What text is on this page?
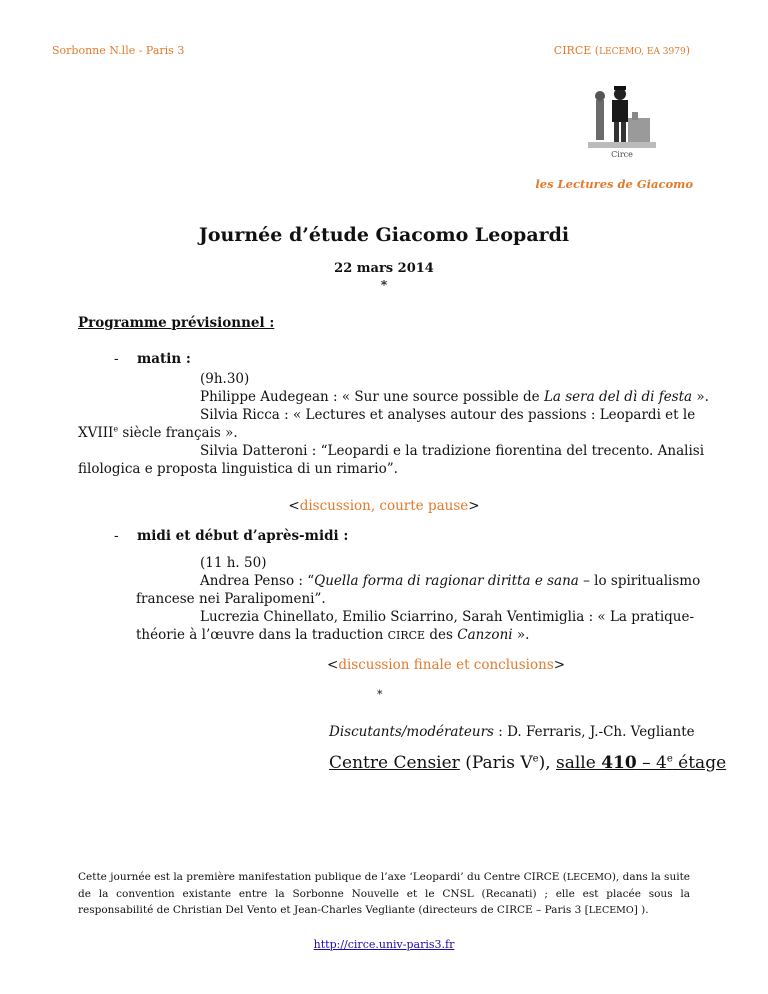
Sorbonne N.lle - Paris 3	CIRCE (LECEMO, EA 3979)
Circe
les Lectures de Giacomo
Journée d’étude Giacomo Leopardi
22 mars 2014
*
Programme prévisionnel :
- matin :
(9h.30)
Philippe Audegean : « Sur une source possible de La sera del dì di festa ».
Silvia Ricca : « Lectures et analyses autour des passions : Leopardi et le
XVIIIe siècle français ».
Silvia Datteroni : “Leopardi e la tradizione fiorentina del trecento. Analisi
filologica e proposta linguistica di un rimario”.
<discussion, courte pause>
- midi et début d’après-midi :
(11 h. 50)
Andrea Penso : “Quella forma di ragionar diritta e sana – lo spiritualismo
francese nei Paralipomeni”.
Lucrezia Chinellato, Emilio Sciarrino, Sarah Ventimiglia : « La pratique-
théorie à l’œuvre dans la traduction CIRCE des Canzoni ».
<discussion finale et conclusions>
*
Discutants/modérateurs : D. Ferraris, J.-Ch. Vegliante
Centre Censier (Paris Ve), salle 410 – 4e étage
Cette journée est la première manifestation publique de l’axe ‘Leopardi’ du Centre CIRCE (LECEMO), dans la suite de la convention existante entre la Sorbonne Nouvelle et le CNSL (Recanati) ; elle est placée sous la responsabilité de Christian Del Vento et Jean-Charles Vegliante (directeurs de CIRCE – Paris 3 [LECEMO] ).
http://circe.univ-paris3.fr
